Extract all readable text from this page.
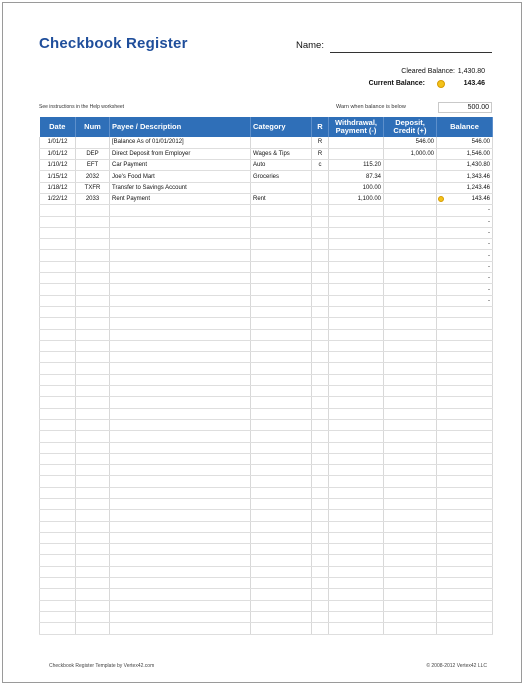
Checkbook Register	Name:
Cleared Balance: 1,430.80
Current Balance:	143.46
See instructions in the Help worksheet	Warn when balance is below	500.00
Date	Num	Payee / Description	Category	R	Withdrawal, Payment (-)	Deposit, Credit (+)	Balance
1/01/12		[Balance As of 01/01/2012]		R		546.00	546.00
1/01/12	DEP	Direct Deposit from Employer	Wages & Tips	R		1,000.00	1,546.00
1/10/12	EFT	Car Payment	Auto	c	115.20		1,430.80
1/15/12	2032	Joe's Food Mart	Groceries		87.34		1,343.46
1/18/12	TXFR	Transfer to Savings Account			100.00		1,243.46
1/22/12	2033	Rent Payment	Rent		1,100.00		143.46
							-
							-
							-
							-
							-
							-
							-
							-
							-

Checkbook Register Template by Vertex42.com	© 2008-2012 Vertex42 LLC
